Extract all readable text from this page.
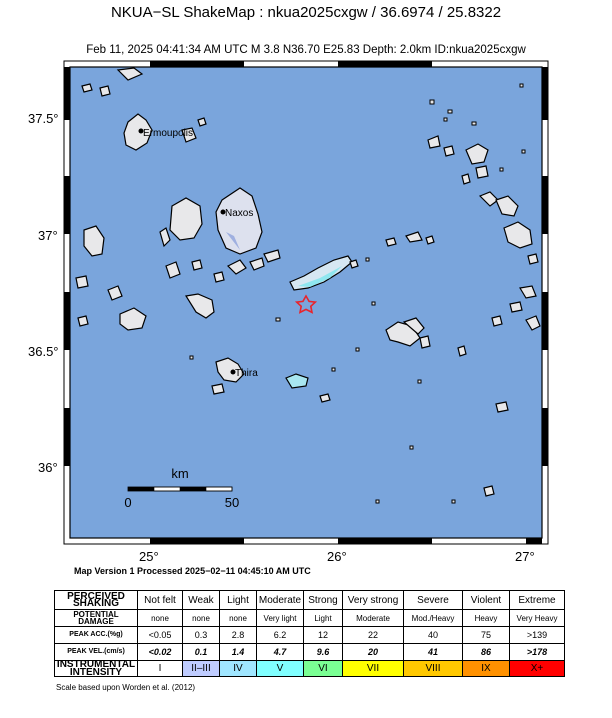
NKUA−SL ShakeMap : nkua2025cxgw / 36.6974 / 25.8322
Feb 11, 2025 04:41:34 AM UTC M 3.8 N36.70 E25.83 Depth: 2.0km ID:nkua2025cxgw
Ermoupolis
Naxos
Thira
km
0	50
37.5°
37°
36.5°
36°
25°	26°	27°
Map Version 1 Processed 2025−02−11 04:45:10 AM UTC
PERCEIVED SHAKING	Not felt	Weak	Light	Moderate	Strong	Very strong	Severe	Violent	Extreme
POTENTIAL DAMAGE	none	none	none	Very light	Light	Moderate	Mod./Heavy	Heavy	Very Heavy
PEAK ACC.(%g)	<0.05	0.3	2.8	6.2	12	22	40	75	>139
PEAK VEL.(cm/s)	<0.02	0.1	1.4	4.7	9.6	20	41	86	>178
INSTRUMENTAL INTENSITY	I	II–III	IV	V	VI	VII	VIII	IX	X+
Scale based upon Worden et al. (2012)
